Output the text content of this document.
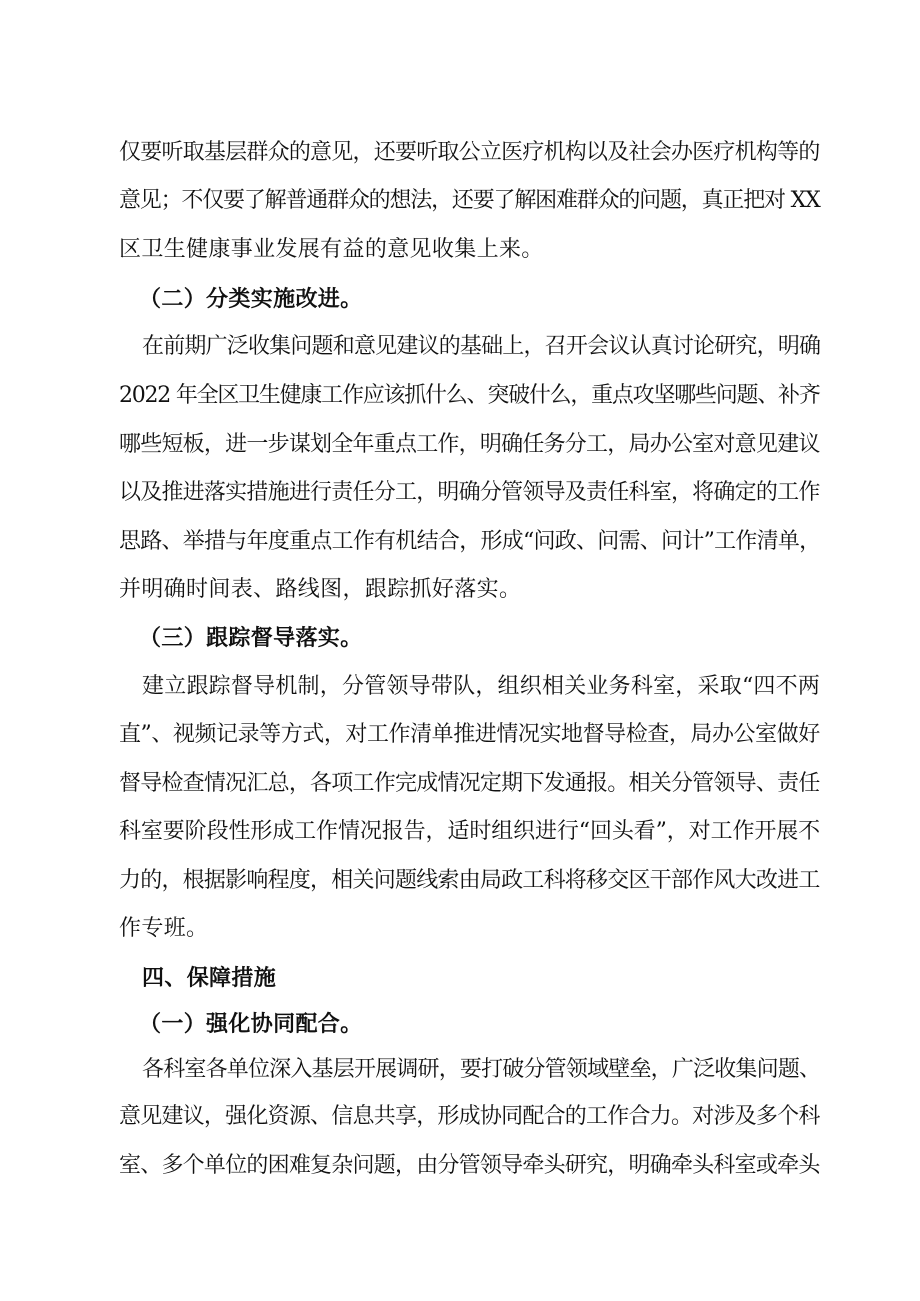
仅要听取基层群众的意见，还要听取公立医疗机构以及社会办医疗机构等的
意见；不仅要了解普通群众的想法，还要了解困难群众的问题，真正把对 XX
区卫生健康事业发展有益的意见收集上来。
（二）分类实施改进。
在前期广泛收集问题和意见建议的基础上，召开会议认真讨论研究，明确
2022 年全区卫生健康工作应该抓什么、突破什么，重点攻坚哪些问题、补齐
哪些短板，进一步谋划全年重点工作，明确任务分工，局办公室对意见建议
以及推进落实措施进行责任分工，明确分管领导及责任科室，将确定的工作
思路、举措与年度重点工作有机结合，形成“问政、问需、问计”工作清单，
并明确时间表、路线图，跟踪抓好落实。
（三）跟踪督导落实。
建立跟踪督导机制，分管领导带队，组织相关业务科室，采取“四不两
直”、视频记录等方式，对工作清单推进情况实地督导检查，局办公室做好
督导检查情况汇总，各项工作完成情况定期下发通报。相关分管领导、责任
科室要阶段性形成工作情况报告，适时组织进行“回头看”，对工作开展不
力的，根据影响程度，相关问题线索由局政工科将移交区干部作风大改进工
作专班。
四、保障措施
（一）强化协同配合。
各科室各单位深入基层开展调研，要打破分管领域壁垒，广泛收集问题、
意见建议，强化资源、信息共享，形成协同配合的工作合力。对涉及多个科
室、多个单位的困难复杂问题，由分管领导牵头研究，明确牵头科室或牵头
